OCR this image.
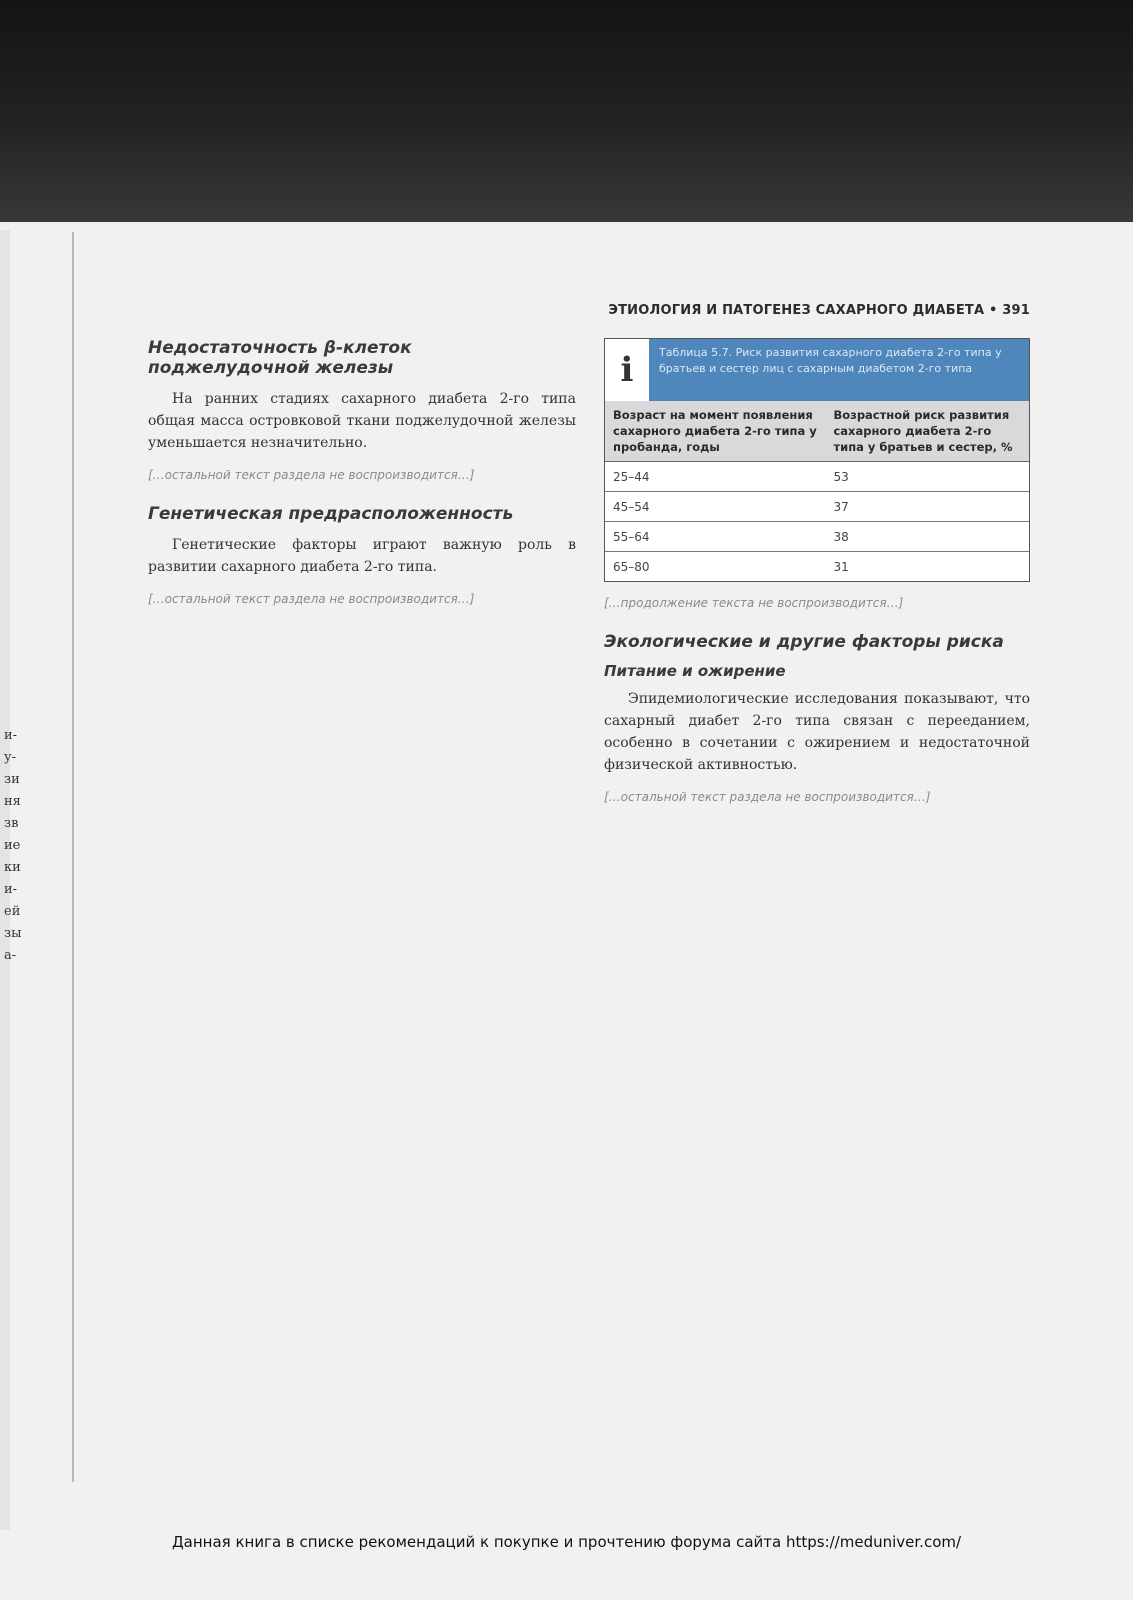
ЭТИОЛОГИЯ И ПАТОГЕНЕЗ САХАРНОГО ДИАБЕТА • 391
и-
у-
зи
ня
зв
ие
ки
и-
ей
зы
а-
Недостаточность β-клеток поджелудочной железы

На ранних стадиях сахарного диабета 2-го типа общая масса островковой ткани поджелудочной железы уменьшается незначительно.

[…остальной текст раздела не воспроизводится…]

Генетическая предрасположенность

Генетические факторы играют важную роль в развитии сахарного диабета 2-го типа.

[…остальной текст раздела не воспроизводится…]

i	Таблица 5.7. Риск развития сахарного диабета 2-го типа у братьев и сестер лиц с сахарным диабетом 2-го типа
Возраст на момент появления сахарного диабета 2-го типа у пробанда, годы	Возрастной риск развития сахарного диабета 2-го типа у братьев и сестер, %
25–44	53
45–54	37
55–64	38
65–80	31

[…продолжение текста не воспроизводится…]

Экологические и другие факторы риска
Питание и ожирение

Эпидемиологические исследования показывают, что сахарный диабет 2-го типа связан с перееданием, особенно в сочетании с ожирением и недостаточной физической активностью.

[…остальной текст раздела не воспроизводится…]

Данная книга в списке рекомендаций к покупке и прочтению форума сайта https://meduniver.com/
